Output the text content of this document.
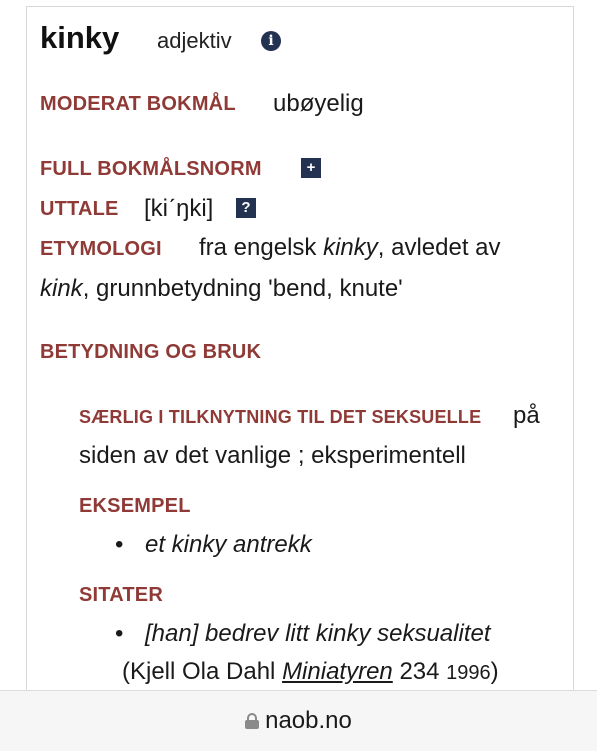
kinky adjektiv	i
MODERAT BOKMÅL ubøyelig
FULL BOKMÅLSNORM	+
UTTALE [kiˊŋki]	?
ETYMOLOGI fra engelsk kinky, avledet av
kink, grunnbetydning 'bend, knute'
BETYDNING OG BRUK
SÆRLIG I TILKNYTNING TIL DET SEKSUELLE på
siden av det vanlige ; eksperimentell
EKSEMPEL
• et kinky antrekk
SITATER
• [han] bedrev litt kinky seksualitet
(Kjell Ola Dahl Miniatyren 234 1996)
naob.no
